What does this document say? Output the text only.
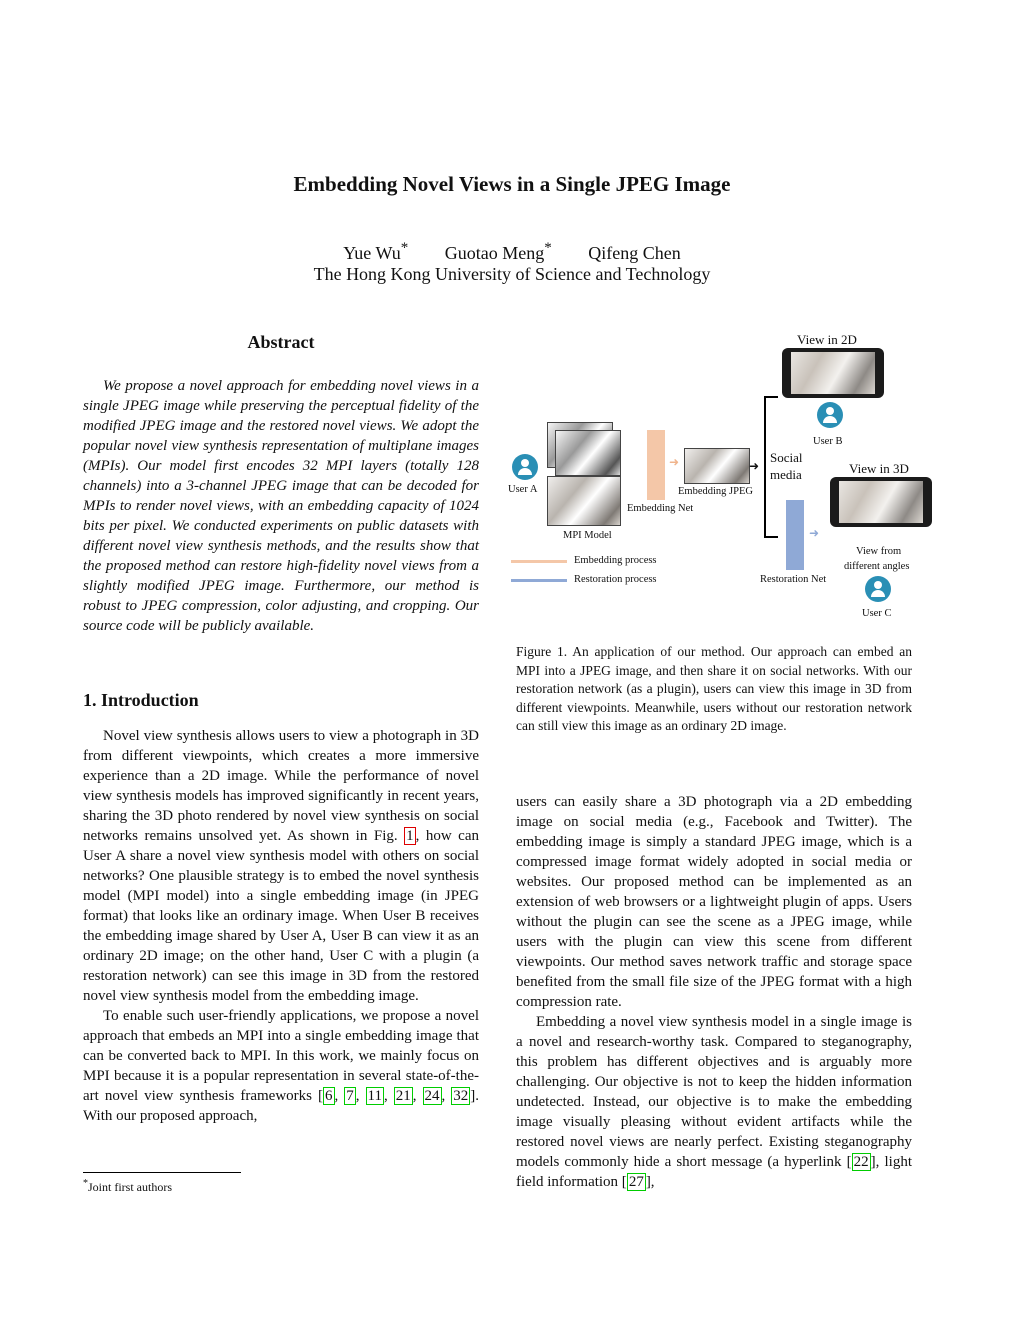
Embedding Novel Views in a Single JPEG Image
Yue Wu* Guotao Meng* Qifeng Chen
The Hong Kong University of Science and Technology
Abstract

We propose a novel approach for embedding novel views in a single JPEG image while preserving the perceptual fidelity of the modified JPEG image and the restored novel views. We adopt the popular novel view synthesis representation of multiplane images (MPIs). Our model first encodes 32 MPI layers (totally 128 channels) into a 3-channel JPEG image that can be decoded for MPIs to render novel views, with an embedding capacity of 1024 bits per pixel. We conducted experiments on public datasets with different novel view synthesis methods, and the results show that the proposed method can restore high-fidelity novel views from a slightly modified JPEG image. Furthermore, our method is robust to JPEG compression, color adjusting, and cropping. Our source code will be publicly available.

1. Introduction

Novel view synthesis allows users to view a photograph in 3D from different viewpoints, which creates a more immersive experience than a 2D image. While the performance of novel view synthesis models has improved significantly in recent years, sharing the 3D photo rendered by novel view synthesis on social networks remains unsolved yet. As shown in Fig. 1 , how can User A share a novel view synthesis model with others on social networks? One plausible strategy is to embed the novel synthesis model (MPI model) into a single embedding image (in JPEG format) that looks like an ordinary image. When User B receives the embedding image shared by User A, User B can view it as an ordinary 2D image; on the other hand, User C with a plugin (a restoration network) can see this image in 3D from the restored novel view synthesis model from the embedding image.

To enable such user-friendly applications, we propose a novel approach that embeds an MPI into a single embedding image that can be converted back to MPI. In this work, we mainly focus on MPI because it is a popular representation in several state-of-the-art novel view synthesis frameworks [ 6 , 7 , 11 , 21 , 24 , 32 ]. With our proposed approach,

*Joint first authors
View in 2D
User B
User A
MPI Model
Embedding Net
➜
Embedding JPEG
➜
Social
media
Restoration Net
➜
View in 3D
View from
different angles
User C
Embedding process
Restoration process

Figure 1. An application of our method. Our approach can embed an MPI into a JPEG image, and then share it on social networks. With our restoration network (as a plugin), users can view this image in 3D from different viewpoints. Meanwhile, users without our restoration network can still view this image as an ordinary 2D image.

users can easily share a 3D photograph via a 2D embedding image on social media (e.g., Facebook and Twitter). The embedding image is simply a standard JPEG image, which is a compressed image format widely adopted in social media or websites. Our proposed method can be implemented as an extension of web browsers or a lightweight plugin of apps. Users without the plugin can see the scene as a JPEG image, while users with the plugin can view this scene from different viewpoints. Our method saves network traffic and storage space benefited from the small file size of the JPEG format with a high compression rate.

Embedding a novel view synthesis model in a single image is a novel and research-worthy task. Compared to steganography, this problem has different objectives and is arguably more challenging. Our objective is not to keep the hidden information undetected. Instead, our objective is to make the embedding image visually pleasing without evident artifacts while the restored novel views are nearly perfect. Existing steganography models commonly hide a short message (a hyperlink [ 22 ], light field information [ 27 ],
